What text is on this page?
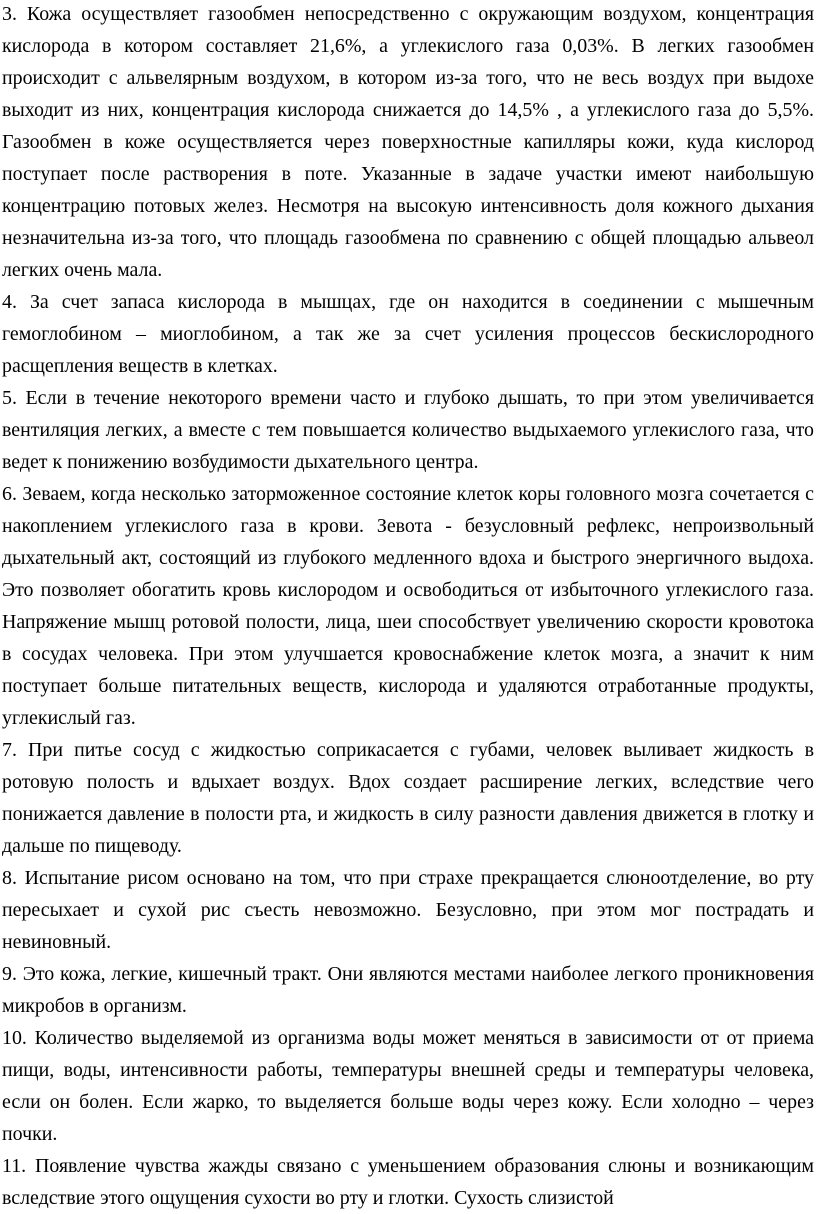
3. Кожа осуществляет газообмен непосредственно с окружающим воздухом, концентрация кислорода в котором составляет 21,6%, а углекислого газа 0,03%. В легких газообмен происходит с альвелярным воздухом, в котором из-за того, что не весь воздух при выдохе выходит из них, концентрация кислорода снижается до 14,5% , а углекислого газа до 5,5%. Газообмен в коже осуществляется через поверхностные капилляры кожи, куда кислород поступает после растворения в поте. Указанные в задаче участки имеют наибольшую концентрацию потовых желез. Несмотря на высокую интенсивность доля кожного дыхания незначительна из-за того, что площадь газообмена по сравнению с общей площадью альвеол легких очень мала.

4. За счет запаса кислорода в мышцах, где он находится в соединении с мышечным гемоглобином – миоглобином, а так же за счет усиления процессов бескислородного расщепления веществ в клетках.

5. Если в течение некоторого времени часто и глубоко дышать, то при этом увеличивается вентиляция легких, а вместе с тем повышается количество выдыхаемого углекислого газа, что ведет к понижению возбудимости дыхательного центра.

6. Зеваем, когда несколько заторможенное состояние клеток коры головного мозга сочетается с накоплением углекислого газа в крови. Зевота - безусловный рефлекс, непроизвольный дыхательный акт, состоящий из глубокого медленного вдоха и быстрого энергичного выдоха. Это позволяет обогатить кровь кислородом и освободиться от избыточного углекислого газа. Напряжение мышц ротовой полости, лица, шеи способствует увеличению скорости кровотока в сосудах человека. При этом улучшается кровоснабжение клеток мозга, а значит к ним поступает больше питательных веществ, кислорода и удаляются отработанные продукты, углекислый газ.

7. При питье сосуд с жидкостью соприкасается с губами, человек выливает жидкость в ротовую полость и вдыхает воздух. Вдох создает расширение легких, вследствие чего понижается давление в полости рта, и жидкость в силу разности давления движется в глотку и дальше по пищеводу.

8. Испытание рисом основано на том, что при страхе прекращается слюноотделение, во рту пересыхает и сухой рис съесть невозможно. Безусловно, при этом мог пострадать и невиновный.

9. Это кожа, легкие, кишечный тракт. Они являются местами наиболее легкого проникновения микробов в организм.

10. Количество выделяемой из организма воды может меняться в зависимости от от приема пищи, воды, интенсивности работы, температуры внешней среды и температуры человека, если он болен. Если жарко, то выделяется больше воды через кожу. Если холодно – через почки.

11. Появление чувства жажды связано с уменьшением образования слюны и возникающим вследствие этого ощущения сухости во рту и глотки. Сухость слизистой
